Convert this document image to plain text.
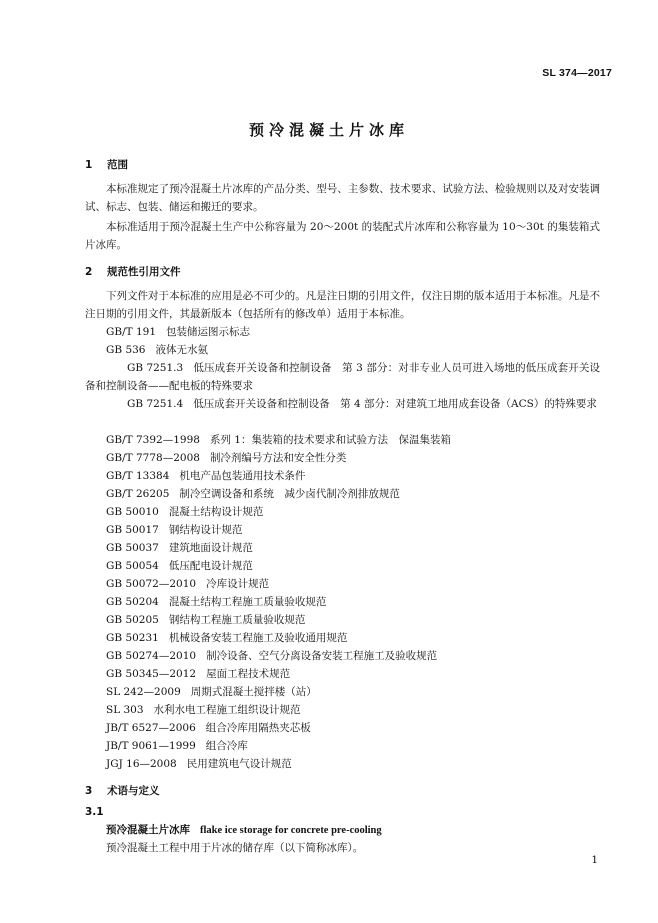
SL 374—2017
预冷混凝土片冰库
1 范围

本标准规定了预冷混凝土片冰库的产品分类、型号、主参数、技术要求、试验方法、检验规则以及对安装调试、标志、包装、储运和搬迁的要求。

本标准适用于预冷混凝土生产中公称容量为 20～200t 的装配式片冰库和公称容量为 10～30t 的集装箱式片冰库。

2 规范性引用文件

下列文件对于本标准的应用是必不可少的。凡是注日期的引用文件，仅注日期的版本适用于本标准。凡是不注日期的引用文件，其最新版本（包括所有的修改单）适用于本标准。

GB/T 191 包装储运图示标志
GB 536 液体无水氨

GB 7251.3 低压成套开关设备和控制设备　第 3 部分：对非专业人员可进入场地的低压成套开关设备和控制设备——配电板的特殊要求

GB 7251.4 低压成套开关设备和控制设备　第 4 部分：对建筑工地用成套设备（ACS）的特殊要求

GB/T 7392—1998 系列 1：集装箱的技术要求和试验方法　保温集装箱
GB/T 7778—2008 制冷剂编号方法和安全性分类
GB/T 13384 机电产品包装通用技术条件
GB/T 26205 制冷空调设备和系统　减少卤代制冷剂排放规范
GB 50010 混凝土结构设计规范
GB 50017 钢结构设计规范
GB 50037 建筑地面设计规范
GB 50054 低压配电设计规范
GB 50072—2010 冷库设计规范
GB 50204 混凝土结构工程施工质量验收规范
GB 50205 钢结构工程施工质量验收规范
GB 50231 机械设备安装工程施工及验收通用规范
GB 50274—2010 制冷设备、空气分离设备安装工程施工及验收规范
GB 50345—2012 屋面工程技术规范
SL 242—2009 周期式混凝土搅拌楼（站）
SL 303 水利水电工程施工组织设计规范
JB/T 6527—2006 组合冷库用隔热夹芯板
JB/T 9061—1999 组合冷库
JGJ 16—2008 民用建筑电气设计规范
3 术语与定义
3.1
预冷混凝土片冰库 flake ice storage for concrete pre-cooling
预冷混凝土工程中用于片冰的储存库（以下简称冰库）。
1
